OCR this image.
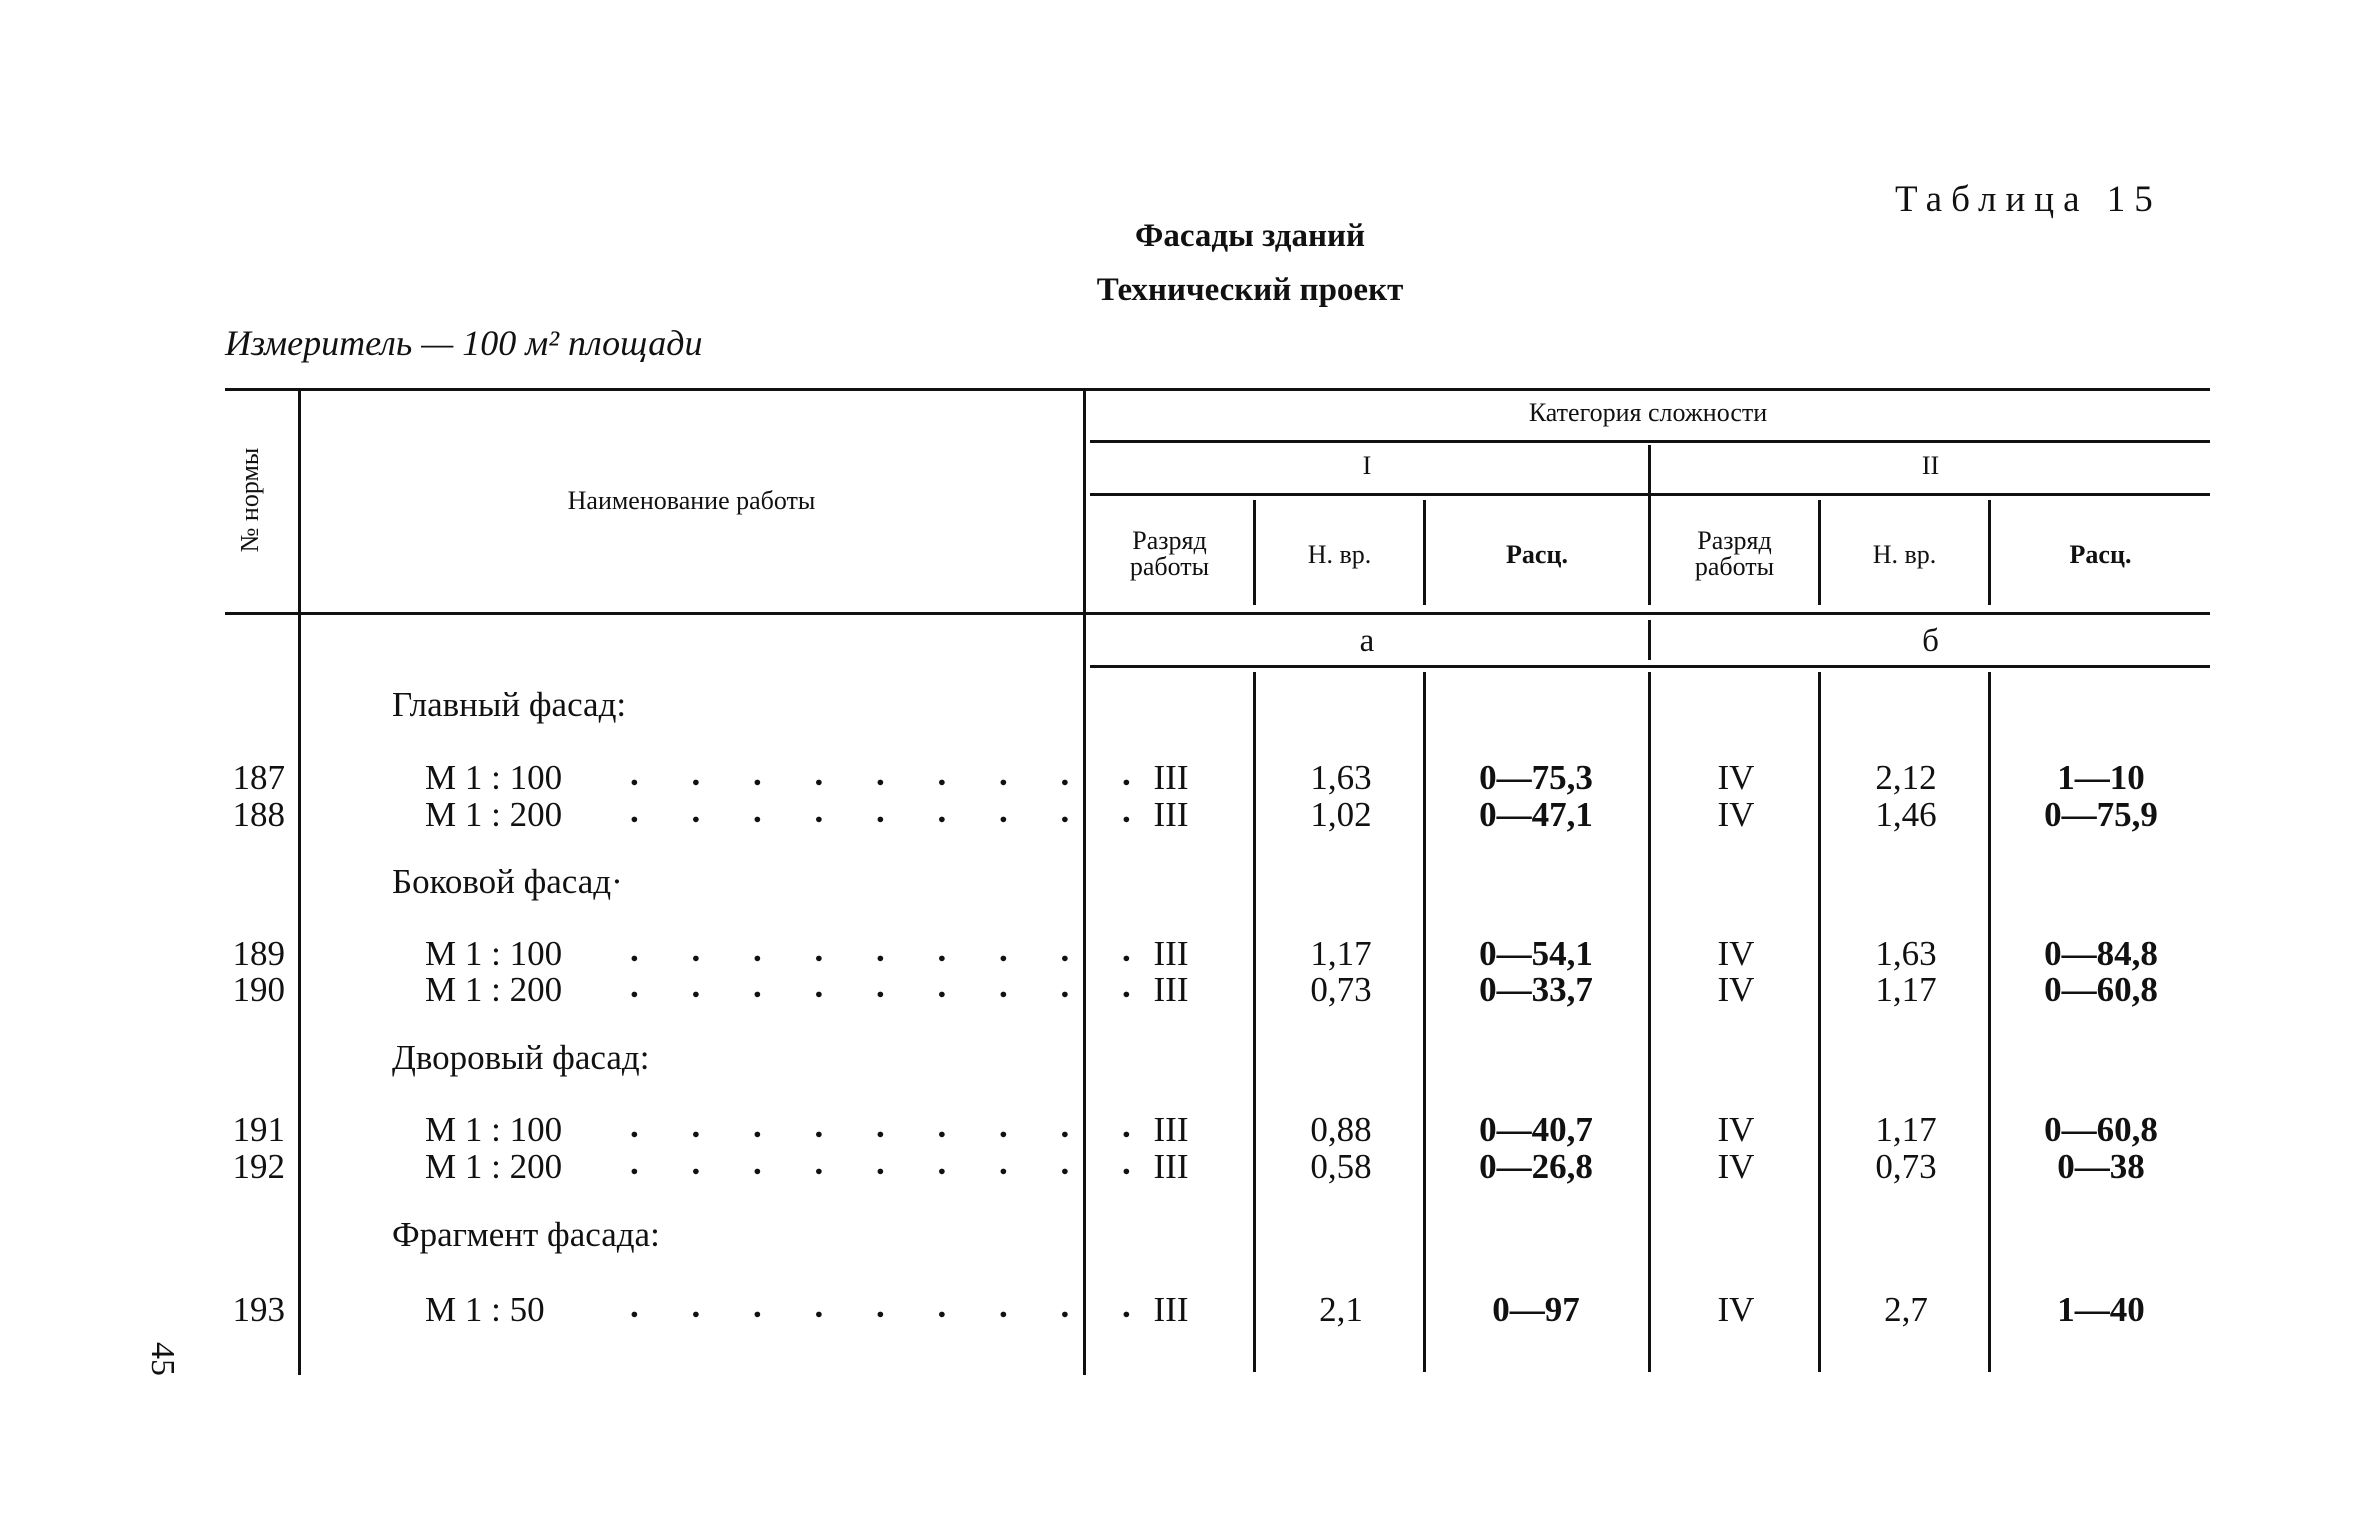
Таблица 15
Фасады зданий
Технический проект
Измеритель — 100 м² площади
№ нормы	Наименование работы
Категория сложности
I	II
Разряд
работы	Н. вр.	Расц.	Разряд
работы	Н. вр.	Расц.
а	б
Главный фасад:
187	М 1 : 100 . . . . . . . . . III	1,63	0—75,3	IV	2,12	1—10
188	М 1 : 200 . . . . . . . . . III	1,02	0—47,1	IV	1,46	0—75,9
Боковой фасад·
189	М 1 : 100 . . . . . . . . . III	1,17	0—54,1	IV	1,63	0—84,8
190	М 1 : 200 . . . . . . . . . III	0,73	0—33,7	IV	1,17	0—60,8
Дворовый фасад:
191	М 1 : 100 . . . . . . . . . III	0,88	0—40,7	IV	1,17	0—60,8
192	М 1 : 200 . . . . . . . . . III	0,58	0—26,8	IV	0,73	0—38
Фрагмент фасада:
193	М 1 : 50 . . . . . . . . . III	2,1	0—97	IV	2,7	1—40
45
